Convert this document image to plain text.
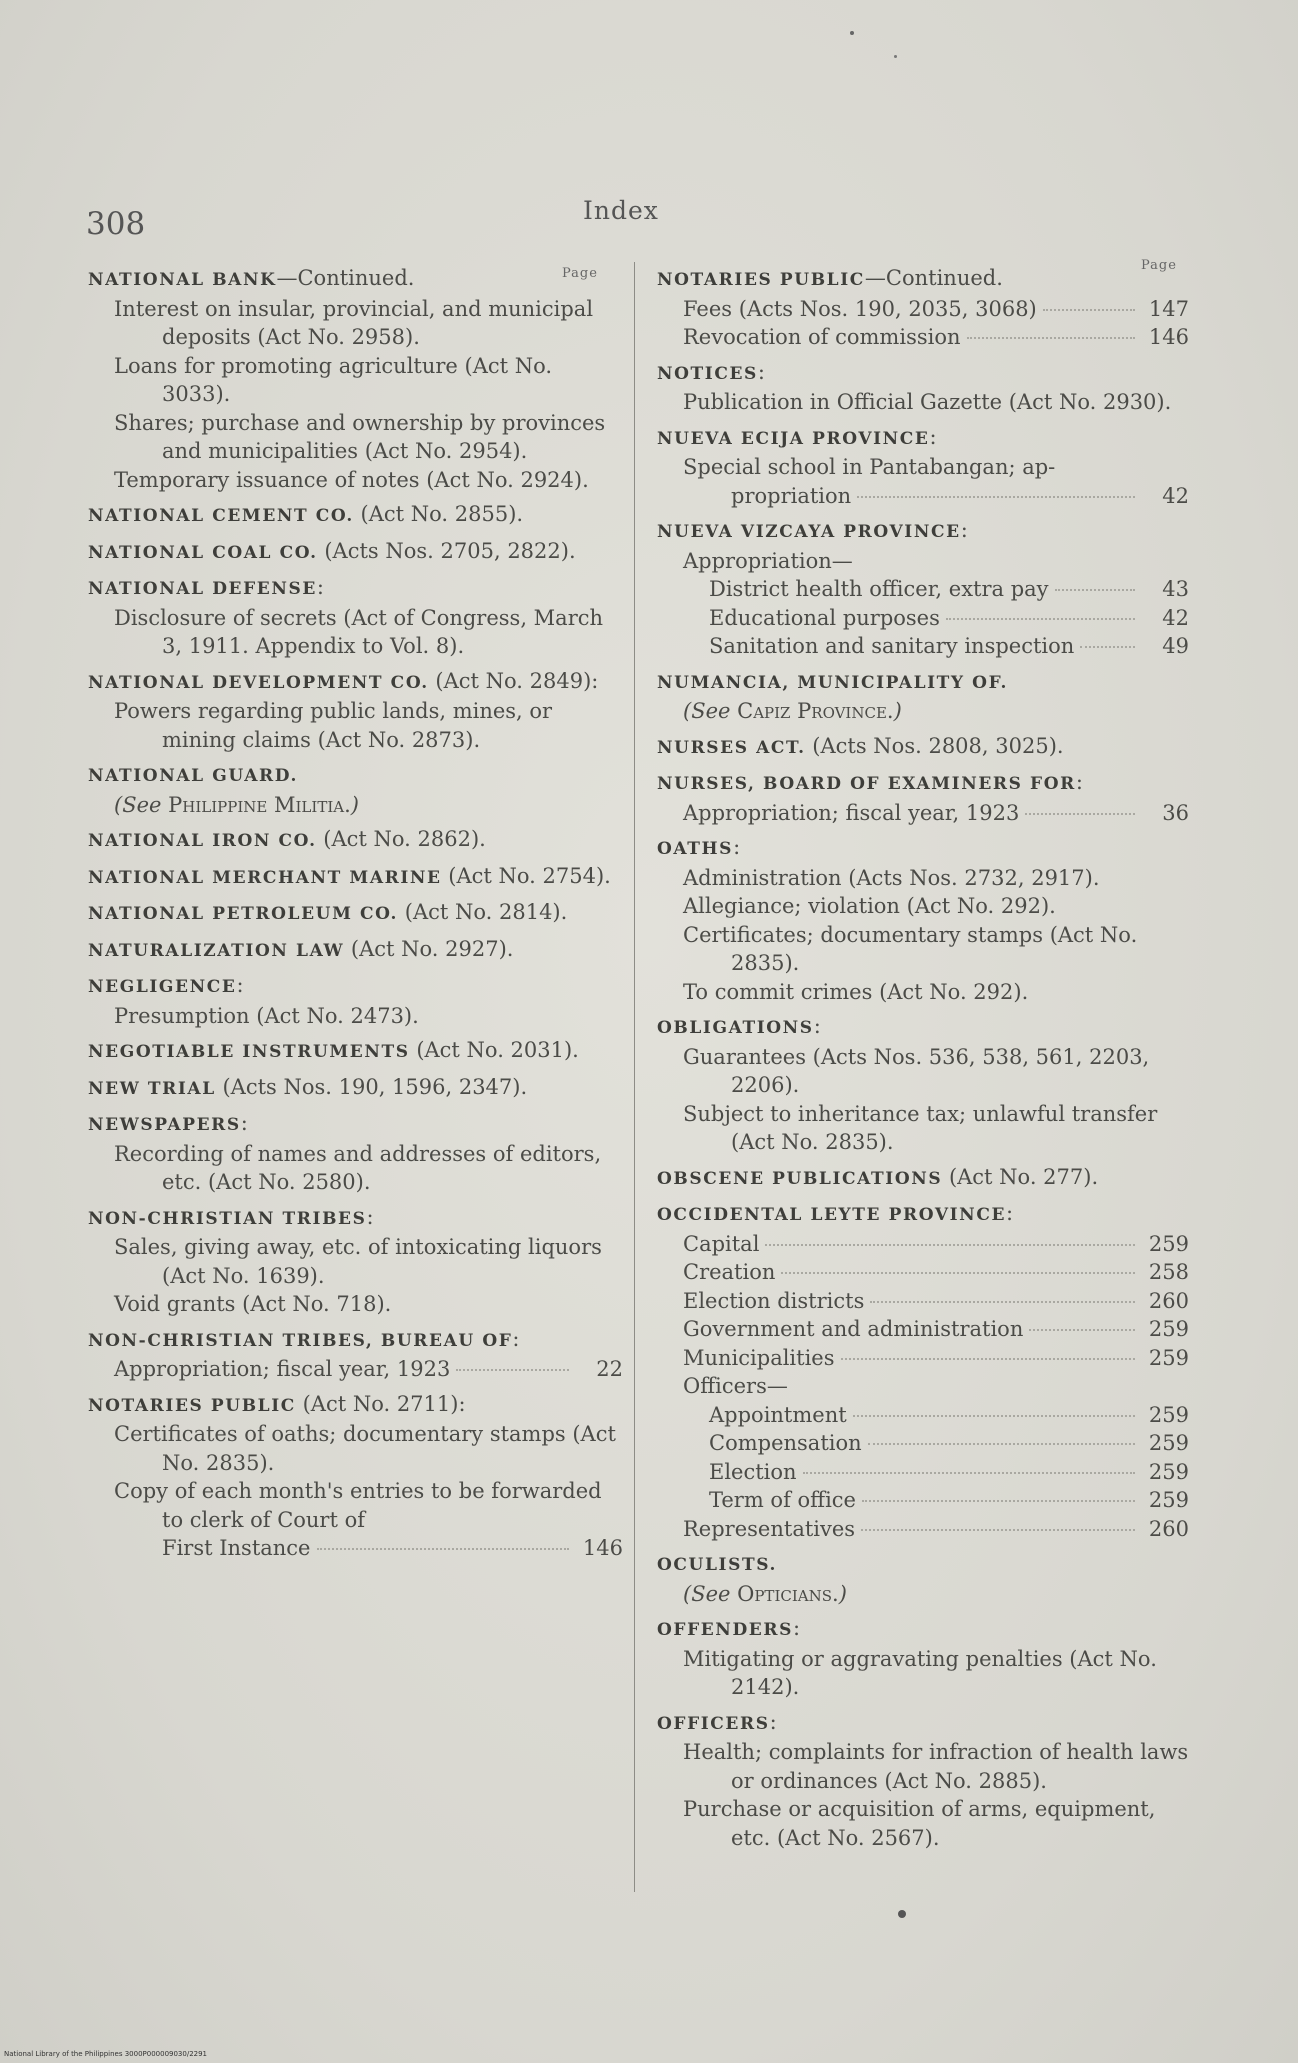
308	Index
Page
Page
NATIONAL BANK—Continued.
Interest on insular, provincial, and municipal deposits (Act No. 2958).
Loans for promoting agriculture (Act No. 3033).
Shares; purchase and ownership by provinces and municipalities (Act No. 2954).
Temporary issuance of notes (Act No. 2924).
NATIONAL CEMENT CO. (Act No. 2855).
NATIONAL COAL CO. (Acts Nos. 2705, 2822).
NATIONAL DEFENSE:
Disclosure of secrets (Act of Congress, March 3, 1911. Appendix to Vol. 8).
NATIONAL DEVELOPMENT CO. (Act No. 2849):
Powers regarding public lands, mines, or mining claims (Act No. 2873).
NATIONAL GUARD.
(See Philippine Militia.)
NATIONAL IRON CO. (Act No. 2862).
NATIONAL MERCHANT MARINE (Act No. 2754).
NATIONAL PETROLEUM CO. (Act No. 2814).
NATURALIZATION LAW (Act No. 2927).
NEGLIGENCE:
Presumption (Act No. 2473).
NEGOTIABLE INSTRUMENTS (Act No. 2031).
NEW TRIAL (Acts Nos. 190, 1596, 2347).
NEWSPAPERS:
Recording of names and addresses of editors, etc. (Act No. 2580).
NON-CHRISTIAN TRIBES:
Sales, giving away, etc. of intoxicating liquors (Act No. 1639).
Void grants (Act No. 718).
NON-CHRISTIAN TRIBES, BUREAU OF:
Appropriation; fiscal year, 1923	22
NOTARIES PUBLIC (Act No. 2711):
Certificates of oaths; documentary stamps (Act No. 2835).
Copy of each month's entries to be forwarded to clerk of Court of
First Instance	146
NOTARIES PUBLIC—Continued.
Fees (Acts Nos. 190, 2035, 3068)	147
Revocation of commission	146
NOTICES:
Publication in Official Gazette (Act No. 2930).
NUEVA ECIJA PROVINCE:
Special school in Pantabangan; ap-
propriation	42
NUEVA VIZCAYA PROVINCE:
Appropriation—
District health officer, extra pay	43
Educational purposes	42
Sanitation and sanitary inspection	49
NUMANCIA, MUNICIPALITY OF.
(See Capiz Province.)
NURSES ACT. (Acts Nos. 2808, 3025).
NURSES, BOARD OF EXAMINERS FOR:
Appropriation; fiscal year, 1923	36
OATHS:
Administration (Acts Nos. 2732, 2917).
Allegiance; violation (Act No. 292).
Certificates; documentary stamps (Act No. 2835).
To commit crimes (Act No. 292).
OBLIGATIONS:
Guarantees (Acts Nos. 536, 538, 561, 2203, 2206).
Subject to inheritance tax; unlawful transfer (Act No. 2835).
OBSCENE PUBLICATIONS (Act No. 277).
OCCIDENTAL LEYTE PROVINCE:
Capital	259
Creation	258
Election districts	260
Government and administration	259
Municipalities	259
Officers—
Appointment	259
Compensation	259
Election	259
Term of office	259
Representatives	260
OCULISTS.
(See Opticians.)
OFFENDERS:
Mitigating or aggravating penalties (Act No. 2142).
OFFICERS:
Health; complaints for infraction of health laws or ordinances (Act No. 2885).
Purchase or acquisition of arms, equipment, etc. (Act No. 2567).
National Library of the Philippines 3000P000009030/2291
